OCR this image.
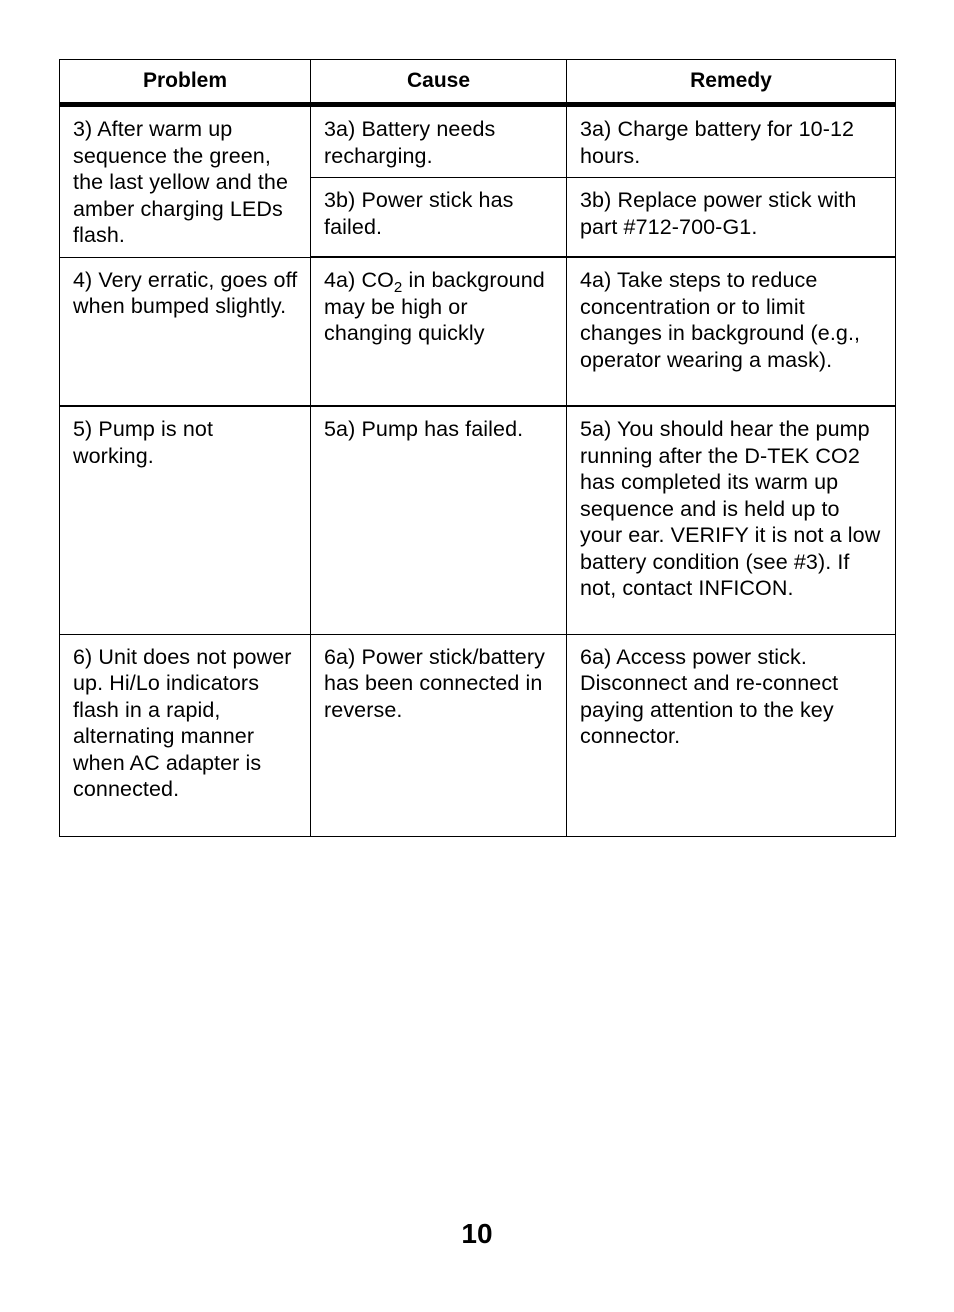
Problem	Cause	Remedy
3) After warm up sequence the green, the last yellow and the amber charging LEDs flash.	3a) Battery needs recharging.	3a) Charge battery for 10-12 hours.
	3b) Power stick has failed.	3b) Replace power stick with part #712-700-G1.
4) Very erratic, goes off when bumped slightly.	4a) $CO_2$ in background may be high or changing quickly	4a) Take steps to reduce concentration or to limit changes in background (e.g., operator wearing a mask).
5) Pump is not working.	5a) Pump has failed.	5a) You should hear the pump running after the D-TEK CO2 has completed its warm up sequence and is held up to your ear. VERIFY it is not a low battery condition (see #3). If not, contact INFICON.
6) Unit does not power up. Hi/Lo indicators flash in a rapid, alternating manner when AC adapter is connected.	6a) Power stick/battery has been connected in reverse.	6a) Access power stick. Disconnect and re-connect paying attention to the key connector.
10
